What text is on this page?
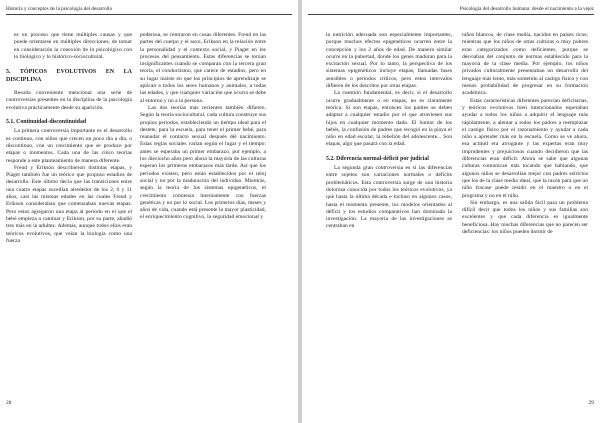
Historia y conceptos de la psicología del desarrollo

es un proceso que tiene múltiples causas y que puede orientarse en múltiples direcciones, de tomar en consideración la conexión de lo psicológico con lo biológico y lo histórico-sociocultural.

5. TÓPICOS EVOLUTIVOS EN LA DISCIPLINA

Resulta conveniente mencionar una serie de controversias presentes en la disciplina de la psicología evolutiva prácticamente desde su aparición.

5.1. Continuidad-discontinuidad

La primera controversia importante es el desarrollo es continuo, con niños que crecen un poco día a día, o discontinuo, con un crecimiento que se produce por etapas o momentos. Cada una de las cinco teorías responde a este planteamiento de manera diferente.

Freud y Erikson describieron distintas etapas, y Piaget también fue un teórico que propuso estadios de desarrollo. Este último decía que las transiciones entre una cuatro etapas sucedían alrededor de los 2, 6 y 11 años, casi las mismas edades en las cuales Freud y Erikson consideraban que comenzaban nuevas etapas. Pero estos agregaron una etapa al periodo en el que el bebé empieza a caminar y Erikson, por su parte, añadió tres más en la adultez. Además, aunque todos ellos eran teóricos evolutivos, que veían la biología como una fuerza

poderosa, se centraron en cosas diferentes. Freud en las partes del cuerpo y el sexo, Erikson en la relación entre la personalidad y el contexto social, y Piaget en los procesos del pensamiento. Estas diferencias se tornan insignificantes cuando se comparan con la tercera gran teoría, el conductismo, que carece de estadios, pero en su lugar insiste en que los principios de aprendizaje se aplican a todos los seres humanos y animales, a todas las edades, y que cualquier variación que ocurra se debe al entorno y no a la persona.

Las dos teorías más recientes también difieren. Según la teoría sociocultural, cada cultura construye sus propios periodos, estableciendo un tiempo ideal para el destete, para la escuela, para tener el primer bebé, para reanudar el contacto sexual después del nacimiento. Estas reglas sociales varían según el lugar y el tiempo: antes se esperaba un primer embarazo, por ejemplo, a los dieciocho años pero ahora la mayoría de las culturas esperan los primeros embarazos más tarde. Así que los periodos existen, pero están establecidos por el reloj social y no por la maduración del individuo. Mientras, según la teoría de los sistemas epigenéticos, el crecimiento comienza internamente con fuerzas genéticas y no por lo social. Los primeros días, meses y años de vida, cuando está presente la mayor plasticidad, el enriquecimiento cognitivo, la seguridad emocional y

28
Psicología del desarrollo humano: desde el nacimiento a la vejez

la nutrición adecuada son especialmente importantes, porque muchos efectos epigenéticos ocurren entre la concepción y los 2 años de edad. De manera similar ocurre en la pubertad, donde los genes maduran para la excitación sexual. Por lo tanto, la perspectiva de los sistemas epigenéticos incluye etapas, llamadas fases sensibles o periodos críticos, pero estos intervalos difieren de los descritos por otras etapas.

La cuestión fundamental, es decir, si el desarrollo ocurre gradualmente o en etapas, no es claramente teórica. Si son etapas, entonces los padres se deben adaptar a cualquier estadio por el que atraviesen sus hijos en cualquier momento dado. El humor de los bebés, la confusión de padres que recogió en la playa el niño en edad escolar, la rebelión del adolescente... Son etapas, algo que pasará con la edad.

5.2. Diferencia normal-déficit por judicial

La segunda gran controversia es si las diferencias entre sujetos son variaciones normales o déficits problemáticos. Esta controversia surge de una historia dolorosa conocida por todos los teóricos evolutivos, ya que hasta la última década e incluso en algunos casos, hasta el momento presente, los modelos orientados al déficit y los estudios comparativos han dominado la investigación. La mayoría de las investigaciones se centraban en

niños blancos, de clase media, nacidos en países ricos; mientras que los niños de otras culturas o muy pobres eran categorizados como deficientes, porque se desviaban del conjunto de normas establecido para la mayoría de la clase media. Por ejemplo, los niños privados culturalmente presentaban un desarrollo del lenguaje más lento, más sometido al castigo físico y con menos probabilidad de progresar en su formación académica.

Estas características diferentes parecían deficitarias, y teóricos evolutivos bien intencionados esperaban ayudar a todos los niños a adquirir el lenguaje más rápidamente, a alentar a todos los padres a reemplazar el castigo físico por el razonamiento y ayudar a cada niño a aprender más en la escuela. Como se ve ahora, esa actitud era arrogante y las expertas eran muy imprudentes y prejuiciosos cuando decidieron que las diferencias eran déficit. Ahora se sabe que algunas culturas comunican más tocando que hablando, que algunos niños se desarrollan mejor con padres estrictos que los de la clase media ideal, que la razón para que un niño fracase puede residir en el maestro o en el programa y no en el niño.

Sin embargo, es una salida fácil para un problema difícil decir que todos los niños y sus familias son excelentes y que cada diferencia es igualmente beneficiosa. Hay muchas diferencias que no parecen ser deficiencias: los niños pueden dormir de

29
